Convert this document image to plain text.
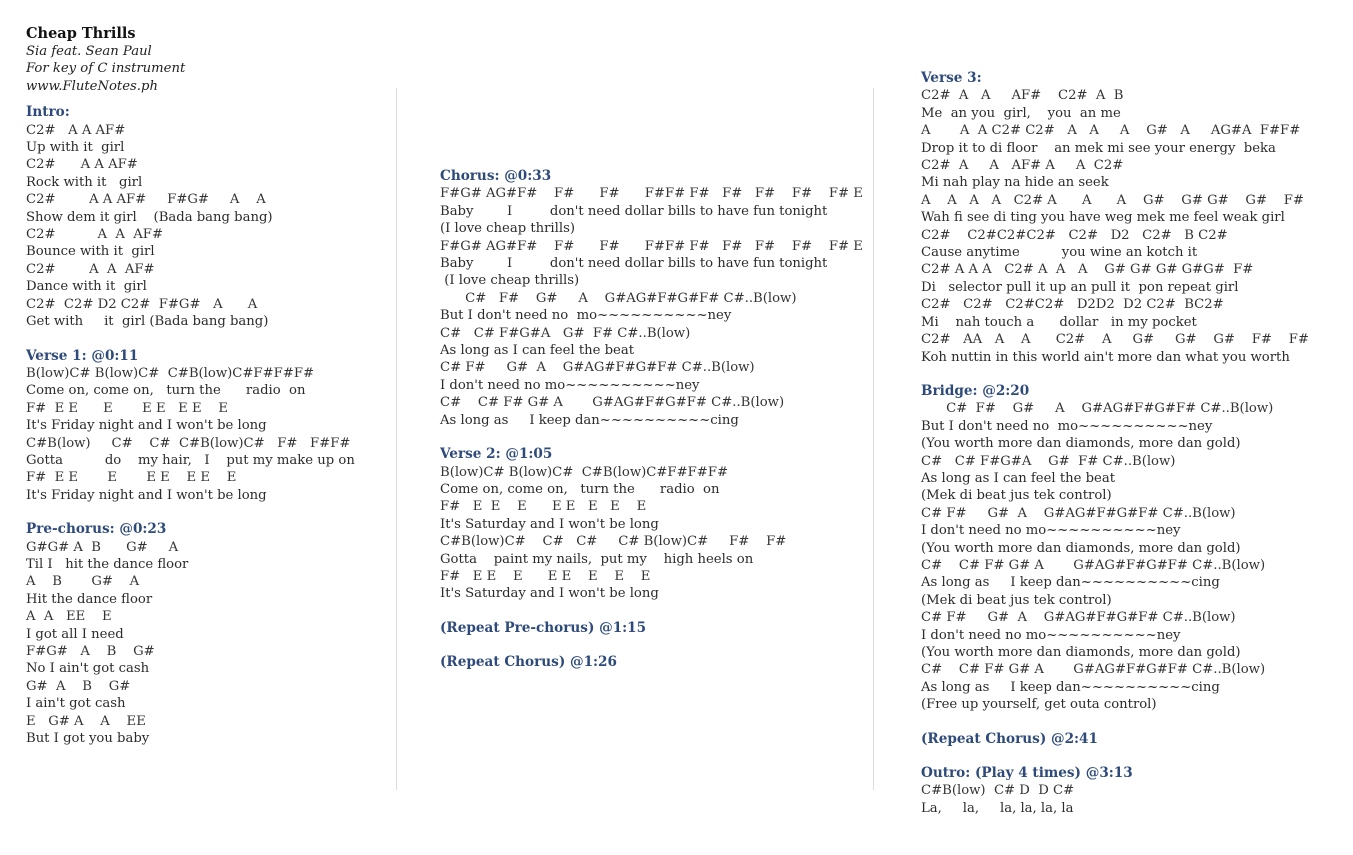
Cheap Thrills
Sia feat. Sean Paul
For key of C instrument
www.FluteNotes.ph
Intro:
C2#   A A AF#
Up with it  girl
C2#      A A AF#
Rock with it   girl
C2#        A A AF#     F#G#     A    A
Show dem it girl    (Bada bang bang)
C2#          A  A  AF#
Bounce with it  girl
C2#        A  A  AF#
Dance with it  girl
C2#  C2# D2 C2#  F#G#   A      A
Get with     it  girl (Bada bang bang)
Verse 1: @0:11
B(low)C# B(low)C#  C#B(low)C#F#F#F#
Come on, come on,   turn the      radio  on
F#  E E      E       E E   E E    E
It's Friday night and I won't be long
C#B(low)     C#    C#  C#B(low)C#   F#   F#F#
Gotta          do    my hair,   I    put my make up on
F#  E E       E       E E    E E    E
It's Friday night and I won't be long
Pre-chorus: @0:23
G#G# A  B      G#     A
Til I   hit the dance floor
A    B       G#    A
Hit the dance floor
A  A   EE    E
I got all I need
F#G#   A    B    G#
No I ain't got cash
G#  A    B    G#
I ain't got cash
E   G# A    A    EE
But I got you baby
Chorus: @0:33
F#G# AG#F#    F#      F#      F#F# F#   F#   F#    F#    F# E
Baby        I         don't need dollar bills to have fun tonight
(I love cheap thrills)
F#G# AG#F#    F#      F#      F#F# F#   F#   F#    F#    F# E
Baby        I         don't need dollar bills to have fun tonight
(I love cheap thrills)
C#   F#    G#     A    G#AG#F#G#F# C#..B(low)
But I don't need no  mo~~~~~~~~~~ney
C#   C# F#G#A   G#  F# C#..B(low)
As long as I can feel the beat
C# F#     G#  A    G#AG#F#G#F# C#..B(low)
I don't need no mo~~~~~~~~~~ney
C#    C# F# G# A       G#AG#F#G#F# C#..B(low)
As long as     I keep dan~~~~~~~~~~cing
Verse 2: @1:05
B(low)C# B(low)C#  C#B(low)C#F#F#F#
Come on, come on,   turn the      radio  on
F#   E  E    E      E E   E   E    E
It's Saturday and I won't be long
C#B(low)C#    C#   C#     C# B(low)C#     F#    F#
Gotta    paint my nails,  put my    high heels on
F#   E E    E      E E    E    E    E
It's Saturday and I won't be long
(Repeat Pre-chorus) @1:15
(Repeat Chorus) @1:26
Verse 3:
C2#  A   A     AF#    C2#  A  B
Me  an you  girl,    you  an me
A       A  A C2# C2#   A   A     A    G#   A     AG#A  F#F#
Drop it to di floor    an mek mi see your energy  beka
C2#  A     A   AF# A     A  C2#
Mi nah play na hide an seek
A    A   A   A   C2# A      A      A    G#    G# G#    G#    F#
Wah fi see di ting you have weg mek me feel weak girl
C2#    C2#C2#C2#   C2#   D2   C2#   B C2#
Cause anytime          you wine an kotch it
C2# A A A   C2# A  A   A    G# G# G# G#G#  F#
Di   selector pull it up an pull it  pon repeat girl
C2#   C2#   C2#C2#   D2D2  D2 C2#  BC2#
Mi    nah touch a      dollar   in my pocket
C2#   AA   A    A      C2#    A     G#     G#    G#    F#    F#
Koh nuttin in this world ain't more dan what you worth
Bridge: @2:20
C#  F#    G#     A    G#AG#F#G#F# C#..B(low)
But I don't need no  mo~~~~~~~~~~ney
(You worth more dan diamonds, more dan gold)
C#   C# F#G#A    G#  F# C#..B(low)
As long as I can feel the beat
(Mek di beat jus tek control)
C# F#     G#  A    G#AG#F#G#F# C#..B(low)
I don't need no mo~~~~~~~~~~ney
(You worth more dan diamonds, more dan gold)
C#    C# F# G# A       G#AG#F#G#F# C#..B(low)
As long as     I keep dan~~~~~~~~~~cing
(Mek di beat jus tek control)
C# F#     G#  A    G#AG#F#G#F# C#..B(low)
I don't need no mo~~~~~~~~~~ney
(You worth more dan diamonds, more dan gold)
C#    C# F# G# A       G#AG#F#G#F# C#..B(low)
As long as     I keep dan~~~~~~~~~~cing
(Free up yourself, get outa control)
(Repeat Chorus) @2:41
Outro: (Play 4 times) @3:13
C#B(low)  C# D  D C#
La,     la,     la, la, la, la
